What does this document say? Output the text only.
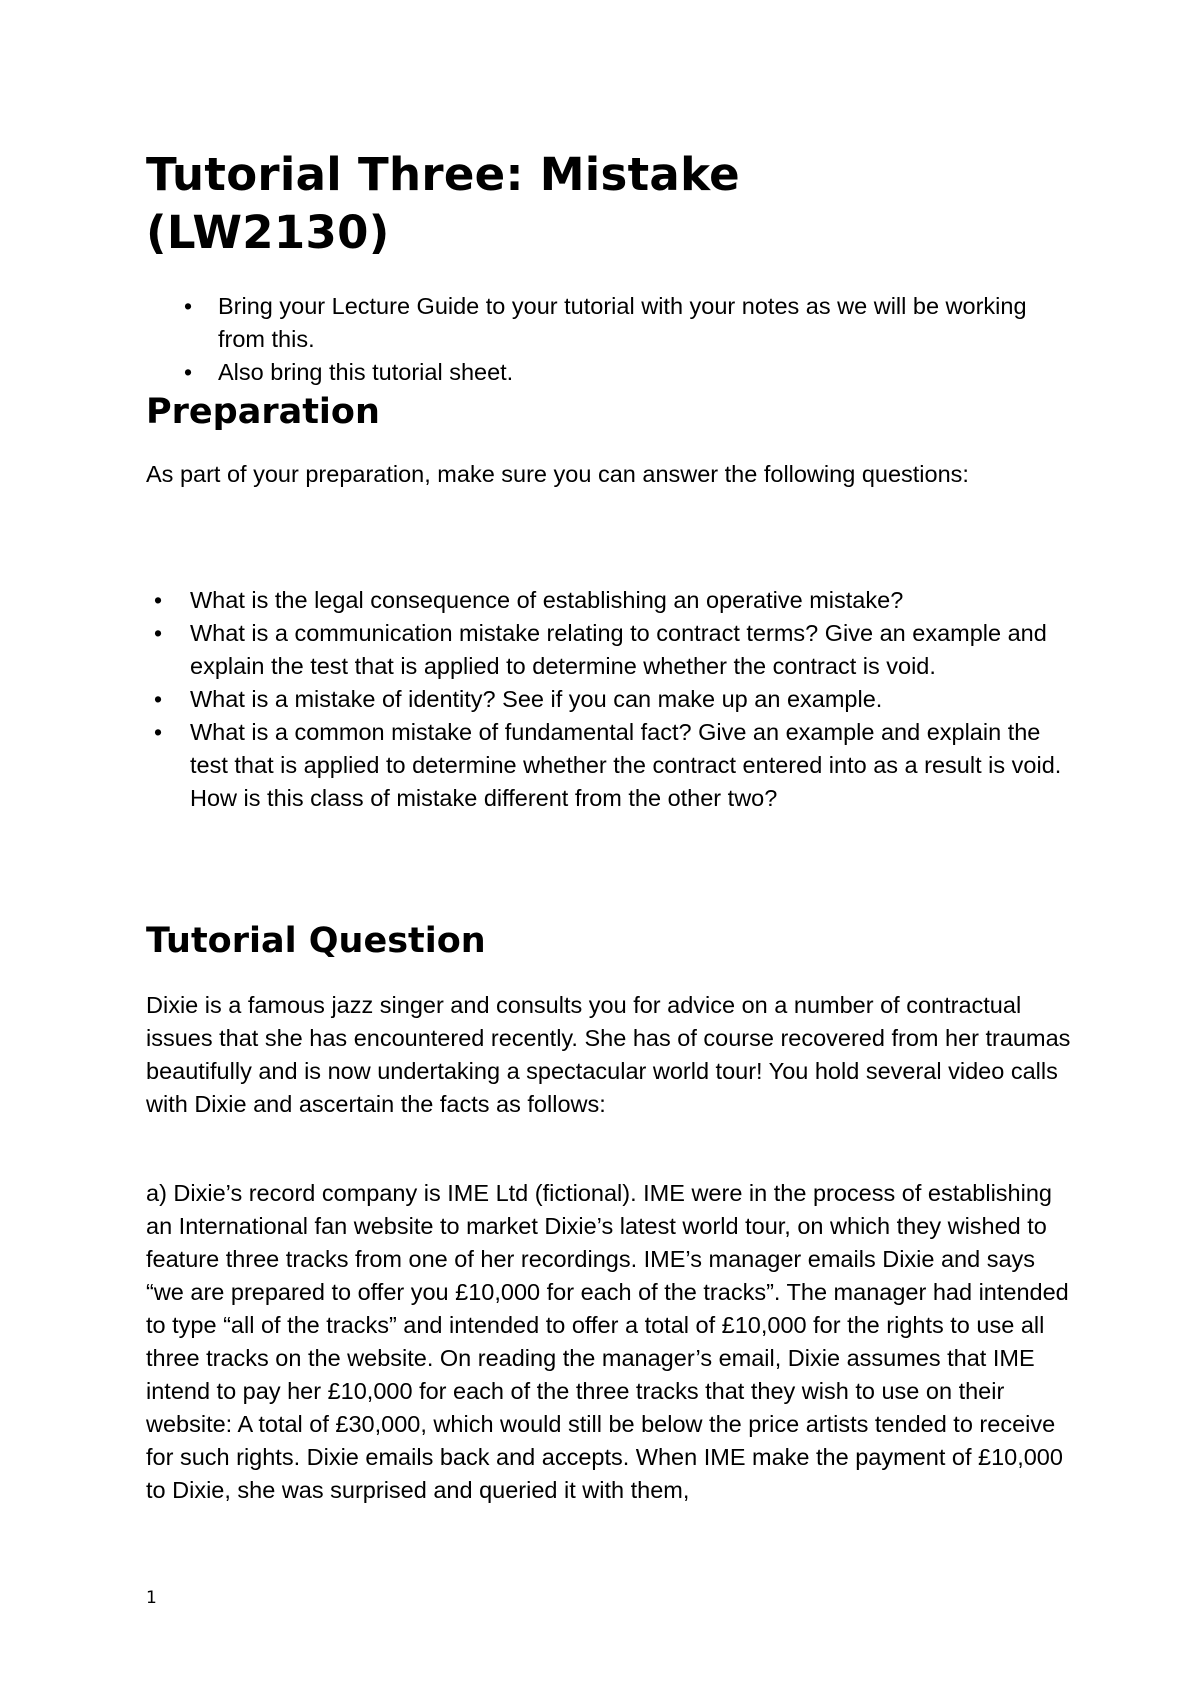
Tutorial Three: Mistake (LW2130)
• Bring your Lecture Guide to your tutorial with your notes as we will be working from this.
• Also bring this tutorial sheet.
Preparation

As part of your preparation, make sure you can answer the following questions:

• What is the legal consequence of establishing an operative mistake?
• What is a communication mistake relating to contract terms? Give an example and explain the test that is applied to determine whether the contract is void.
• What is a mistake of identity? See if you can make up an example.
• What is a common mistake of fundamental fact? Give an example and explain the test that is applied to determine whether the contract entered into as a result is void. How is this class of mistake different from the other two?
Tutorial Question

Dixie is a famous jazz singer and consults you for advice on a number of contractual issues that she has encountered recently. She has of course recovered from her traumas beautifully and is now undertaking a spectacular world tour! You hold several video calls with Dixie and ascertain the facts as follows:

a) Dixie’s record company is IME Ltd (fictional). IME were in the process of establishing an International fan website to market Dixie’s latest world tour, on which they wished to feature three tracks from one of her recordings. IME’s manager emails Dixie and says “we are prepared to offer you £10,000 for each of the tracks”. The manager had intended to type “all of the tracks” and intended to offer a total of £10,000 for the rights to use all three tracks on the website. On reading the manager’s email, Dixie assumes that IME intend to pay her £10,000 for each of the three tracks that they wish to use on their website: A total of £30,000, which would still be below the price artists tended to receive for such rights. Dixie emails back and accepts. When IME make the payment of £10,000 to Dixie, she was surprised and queried it with them,

1
